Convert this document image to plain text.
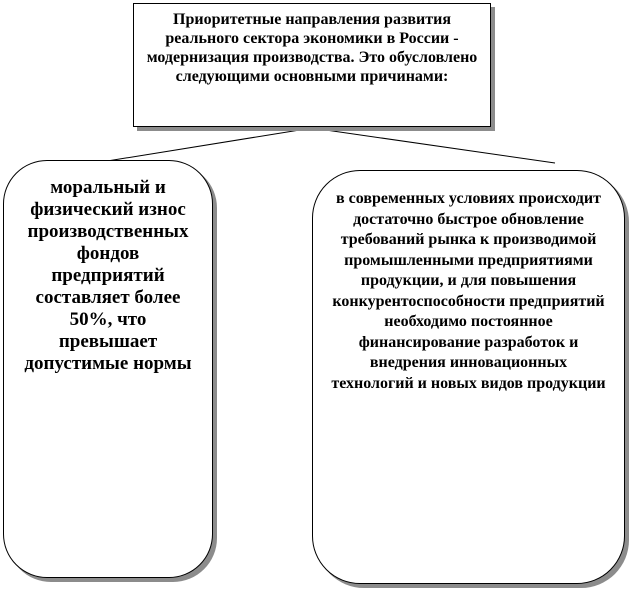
Приоритетные направления развития реального сектора экономики в России - модернизация производства. Это обусловлено следующими основными причинами:
моральный и физический износ производственных фондов предприятий составляет более 50%, что превышает допустимые нормы
в современных условиях происходит достаточно быстрое обновление требований рынка к производимой промышленными предприятиями продукции, и для повышения конкурентоспособности предприятий необходимо постоянное финансирование разработок и внедрения инновационных технологий и новых видов продукции
